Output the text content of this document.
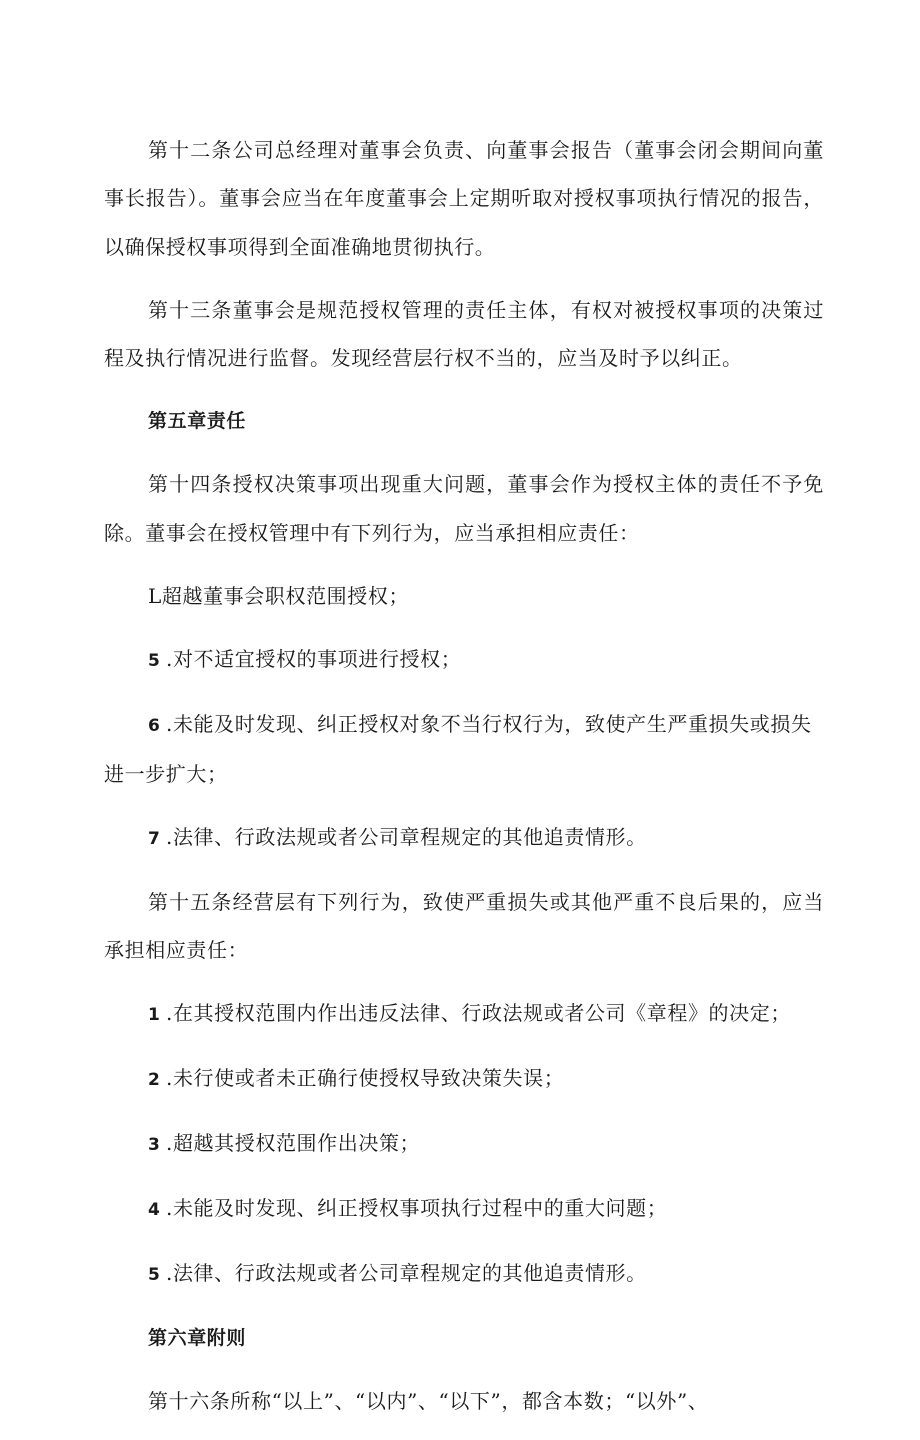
第十二条公司总经理对董事会负责、向董事会报告（董事会闭会期间向董事长报告）。董事会应当在年度董事会上定期听取对授权事项执行情况的报告，以确保授权事项得到全面准确地贯彻执行。

第十三条董事会是规范授权管理的责任主体，有权对被授权事项的决策过程及执行情况进行监督。发现经营层行权不当的，应当及时予以纠正。

第五章责任

第十四条授权决策事项出现重大问题，董事会作为授权主体的责任不予免除。董事会在授权管理中有下列行为，应当承担相应责任：

L超越董事会职权范围授权；
5 .对不适宜授权的事项进行授权；

6 .未能及时发现、纠正授权对象不当行权行为，致使产生严重损失或损失进一步扩大；

7 .法律、行政法规或者公司章程规定的其他追责情形。

第十五条经营层有下列行为，致使严重损失或其他严重不良后果的，应当承担相应责任：

1 .在其授权范围内作出违反法律、行政法规或者公司《章程》的决定；
2 .未行使或者未正确行使授权导致决策失误；
3 .超越其授权范围作出决策；
4 .未能及时发现、纠正授权事项执行过程中的重大问题；
5 .法律、行政法规或者公司章程规定的其他追责情形。
第六章附则

第十六条所称“以上”、“以内”、“以下”，都含本数；“以外”、
